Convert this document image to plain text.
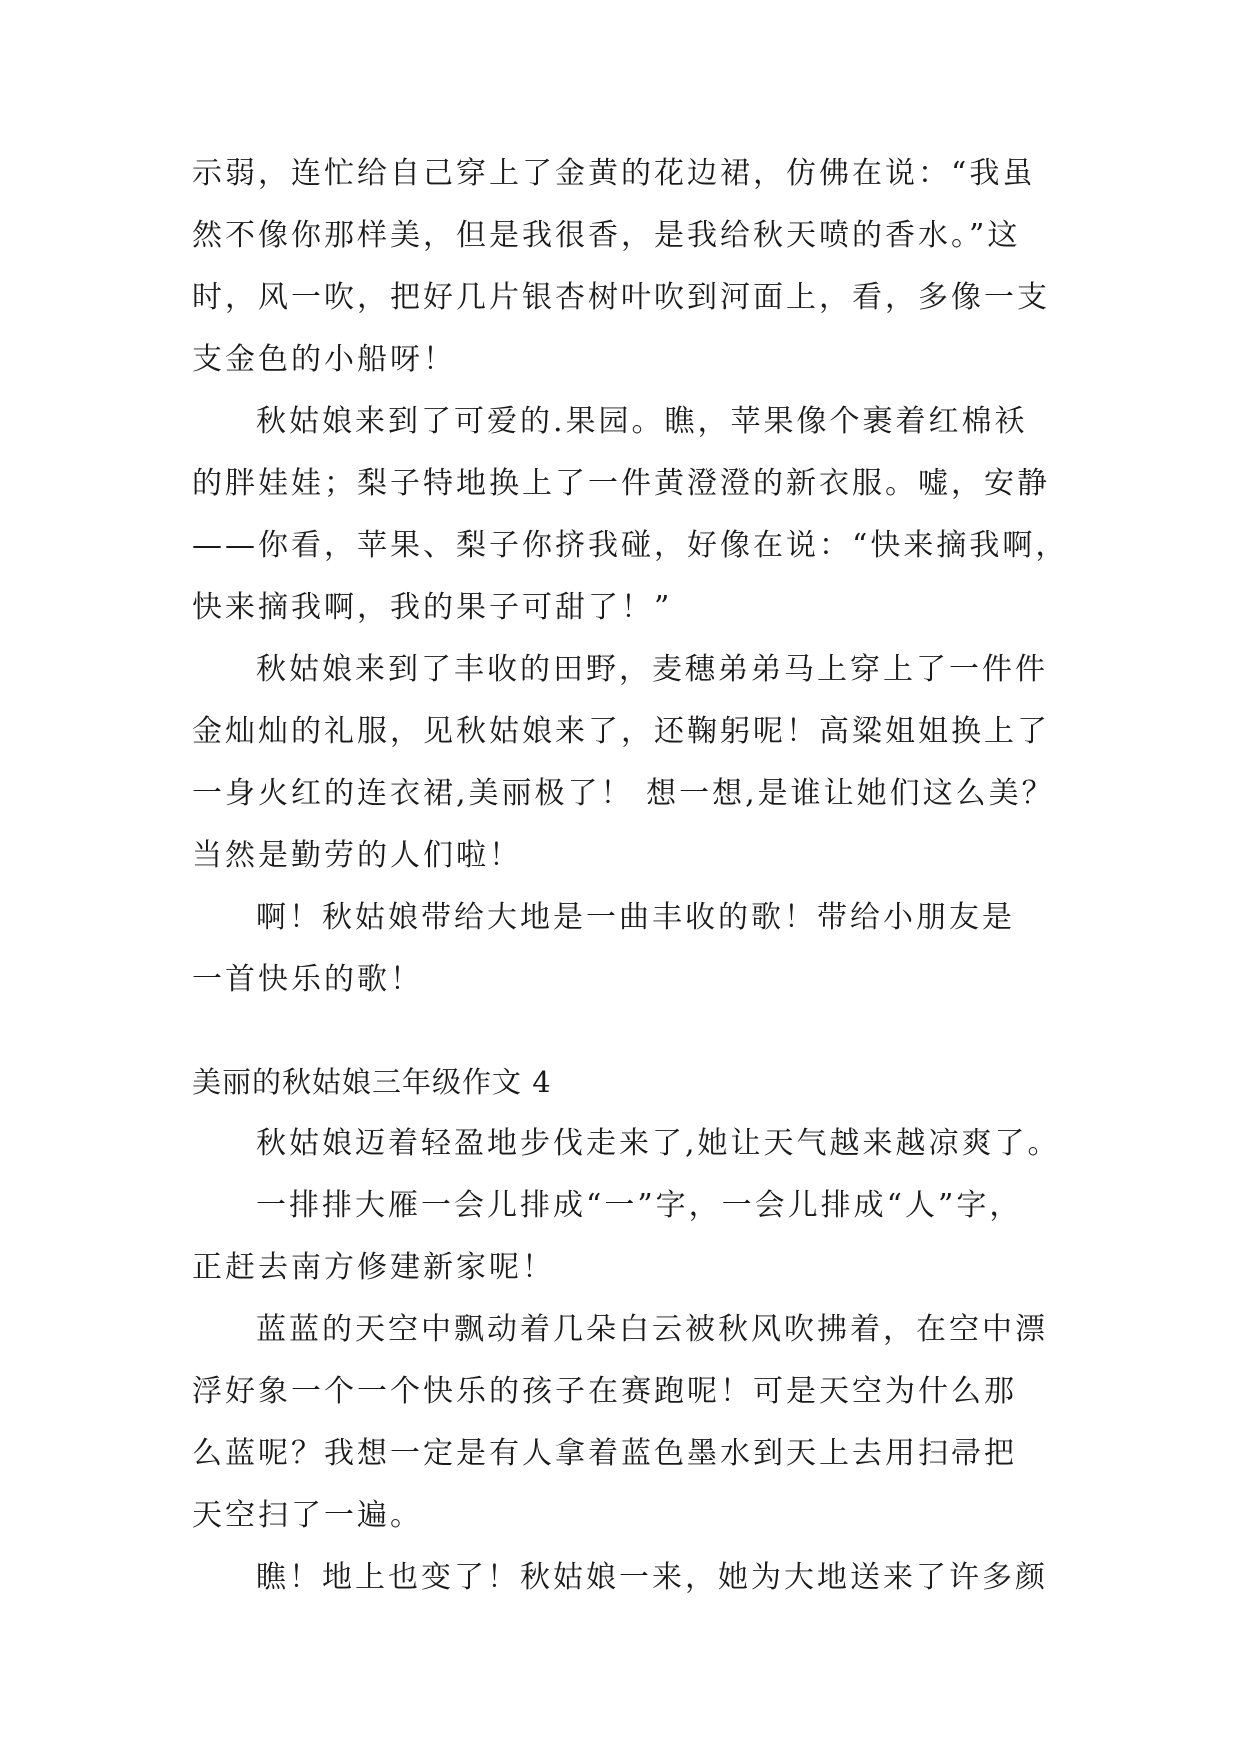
示弱，连忙给自己穿上了金黄的花边裙，仿佛在说：“我虽
然不像你那样美，但是我很香，是我给秋天喷的香水。”这
时，风一吹，把好几片银杏树叶吹到河面上，看，多像一支
支金色的小船呀！
秋姑娘来到了可爱的.果园。瞧，苹果像个裹着红棉袄
的胖娃娃；梨子特地换上了一件黄澄澄的新衣服。嘘，安静
——你看，苹果、梨子你挤我碰，好像在说：“快来摘我啊，
快来摘我啊，我的果子可甜了！”
秋姑娘来到了丰收的田野，麦穗弟弟马上穿上了一件件
金灿灿的礼服，见秋姑娘来了，还鞠躬呢！高粱姐姐换上了
一身火红的连衣裙,美丽极了！ 想一想,是谁让她们这么美？
当然是勤劳的人们啦！
啊！秋姑娘带给大地是一曲丰收的歌！带给小朋友是
一首快乐的歌！
美丽的秋姑娘三年级作文 4
秋姑娘迈着轻盈地步伐走来了,她让天气越来越凉爽了。
一排排大雁一会儿排成“一”字，一会儿排成“人”字，
正赶去南方修建新家呢！
蓝蓝的天空中飘动着几朵白云被秋风吹拂着，在空中漂
浮好象一个一个快乐的孩子在赛跑呢！可是天空为什么那
么蓝呢？我想一定是有人拿着蓝色墨水到天上去用扫帚把
天空扫了一遍。
瞧！地上也变了！秋姑娘一来，她为大地送来了许多颜
